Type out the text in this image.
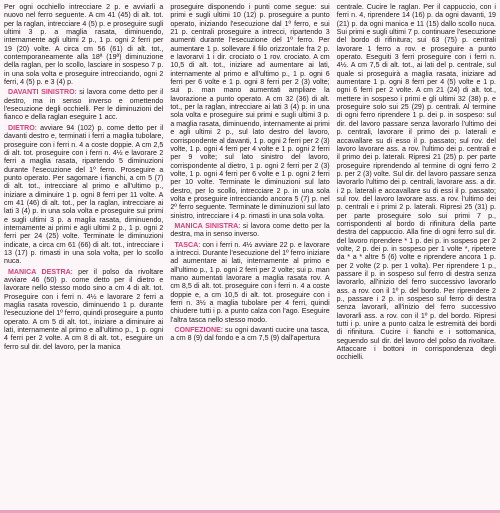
Per ogni occhiello intrecciare 2 p. e avviarli a nuovo nel ferro seguente. A cm 41 (45) di alt. tot. per la raglan, intrecciare 4 (5) p. e proseguire sugli ultimi 3 p. a maglia rasata, diminuendo, internamente agli ultimi 2 p., 1 p. ogni 2 ferri per 19 (20) volte. A circa cm 56 (61) di alt. tot., contemporaneamente alla 18ª (19ª) diminuzione della raglan, per lo scollo, lasciare in sospeso 7 p. in una sola volta e proseguire intrecciando, ogni 2 ferri, 4 (5) p. e 3 (4) p.

DAVANTI SINISTRO: si lavora come detto per il destro, ma in senso inverso e omettendo l'esecuzione degli occhielli. Per le diminuzioni del fianco e della raglan eseguire 1 acc.

DIETRO: avviare 94 (102) p. come detto per il davanti destro e, terminati i ferri a maglia tubolare, proseguire con i ferri n. 4 a coste doppie. A cm 2,5 di alt. tot. proseguire con i ferri n. 4½ e lavorare 2 ferri a maglia rasata, ripartendo 5 diminuzioni durante l'esecuzione del 1º ferro. Proseguire a punto operato. Per sagomare i fianchi, a cm 5 (7) di alt. tot., intrecciare al primo e all'ultimo p., iniziare a diminuire 1 p. ogni 8 ferri per 11 volte. A cm 41 (46) di alt. tot., per la raglan, intrecciare ai lati 3 (4) p. in una sola volta e proseguire sui primi e sugli ultimi 3 p. a maglia rasata, diminuendo, internamente ai primi e agli ultimi 2 p., 1 p. ogni 2 ferri per 24 (25) volte. Terminate le diminuzioni indicate, a circa cm 61 (66) di alt. tot., intrecciare i 13 (17) p. rimasti in una sola volta, per lo scollo nuca.

MANICA DESTRA: per il polso da rivoltare avviare 46 (50) p. come detto per il dietro e lavorare nello stesso modo sino a cm 4 di alt. tot. Proseguire con i ferri n. 4½ e lavorare 2 ferri a maglia rasata rovescio, diminuendo 1 p. durante l'esecuzione del 1º ferro, quindi proseguire a punto operato. A cm 5 di alt. tot., iniziare a diminuire ai lati, internamente al primo e all'ultimo p., 1 p. ogni 4 ferri per 2 volte. A cm 8 di alt. tot., eseguire un ferro sul dir. del lavoro, per la manica

proseguire disponendo i punti come segue: sui primi e sugli ultimi 10 (12) p. proseguire a punto operato, iniziando l'esecuzione dal 1º ferro, e sui 21 p. centrali proseguire a intrecci, ripartendo 3 aumenti durante l'esecuzione del 1º ferro. Per aumentare 1 p. sollevare il filo orizzontale fra 2 p. e lavorarvi 1 i dir. crociato o 1 rov. crociato. A cm 10,5 di alt. tot., iniziare ad aumentare ai lati, internamente al primo e all'ultimo p., 1 p. ogni 6 ferri per 6 volte e 1 p. ogni 8 ferri per 2 (3) volte; sui p. man mano aumentati ampliare la lavorazione a punto operato. A cm 32 (36) di alt. tot., per la raglan, intrecciare ai lati 3 (4) p. in una sola volta e proseguire sui primi e sugli ultimi 3 p. a maglia rasata, diminuendo, internamente ai primi e agli ultimi 2 p., sul lato destro del lavoro, corrispondente al davanti, 1 p. ogni 2 ferri per 2 (3) volte, 1 p. ogni 4 ferri per 4 volte e 1 p. ogni 2 ferri per 9 volte; sul lato sinistro del lavoro, corrispondente al dietro, 1 p. ogni 2 ferri per 2 (3) volte, 1 p. ogni 4 ferri per 6 volte e 1 p. ogni 2 ferri per 10 volte. Terminate le diminuzioni sul lato destro, per lo scollo, intrecciare 2 p. in una sola volta e proseguire intrecciando ancora 5 (7) p. nel 2º ferro seguente. Terminate le diminuzioni sul lato sinistro, intrecciare i 4 p. rimasti in una sola volta.

MANICA SINISTRA: si lavora come detto per la destra, ma in senso inverso.

TASCA: con i ferri n. 4½ avviare 22 p. e lavorare a intrecci. Durante l'esecuzione del 1º ferro iniziare ad aumentare ai lati, internamente al primo e all'ultimo p., 1 p. ogni 2 ferri per 2 volte; sui p. man mano aumentati lavorare a maglia rasata rov. A cm 8,5 di alt. tot. proseguire con i ferri n. 4 a coste doppie e, a cm 10,5 di alt. tot. proseguire con i ferri n. 3½ a maglia tubolare per 4 ferri, quindi chiudere tutti i p. a punto calza con l'ago. Eseguire l'altra tasca nello stesso modo.

CONFEZIONE: su ogni davanti cucire una tasca, a cm 8 (9) dal fondo e a cm 7,5 (9) dall'apertura

centrale. Cucire le raglan. Per il cappuccio, con i ferri n. 4, riprendere 14 (16) p. da ogni davanti, 19 (21) p. da ogni manica e 11 (15) dallo scollo nuca. Sui primi e sugli ultimi 7 p. continuare l'esecuzione del bordo di rifinitura; sui 63 (75) p. centrali lavorare 1 ferro a rov. e proseguire a punto operato. Eseguiti 3 ferri proseguire con i ferri n. 4½. A cm 7,5 di alt. tot., ai lati del p. centrale, sul quale si proseguirà a maglia rasata, iniziare ad aumentare 1 p. ogni 8 ferri per 4 (5) volte e 1 p. ogni 6 ferri per 2 volte. A cm 21 (24) di alt. tot., mettere in sospeso i primi e gli ultimi 32 (38) p. e proseguire solo sui 25 (29) p. centrali. Al termine di ogni ferro riprendere 1 p. dei p. in sospeso: sul dir. del lavoro passare senza lavorarlo l'ultimo dei p. centrali, lavorare il primo dei p. laterali e accavallare su di esso il p. passato; sul rov. del lavoro lavorare ass. a rov. l'ultimo dei p. centrali e il primo dei p. laterali. Ripresi 21 (25) p. per parte proseguire riprendendo al termine di ogni ferro 2 p. per 2 (3) volte. Sul dir. del lavoro passare senza lavorarlo l'ultimo dei p. centrali, lavorare ass. a dir. i 2 p. laterali e accavallare su di essi il p. passato; sul rov. del lavoro lavorare ass. a rov. l'ultimo dei p. centrali e i primi 2 p. laterali. Ripresi 25 (31) p. per parte proseguire solo sui primi 7 p., corrispondenti al bordo di rifinitura della parte destra del cappuccio. Alla fine di ogni ferro sul dir. del lavoro riprendere * 1 p. dei p. in sospeso per 2 volte, 2 p. dei p. in sospeso per 1 volte *, ripetere da * a * altre 5 (6) volte e riprendere ancora 1 p. per 2 volte (2 p. per 1 volta). Per riprendere 1 p., passare il p. in sospeso sul ferro di destra senza lavorarlo, all'inizio del ferro successivo lavorarlo ass. a rov. con il 1º p. del bordo. Per riprendere 2 p., passare i 2 p. in sospeso sul ferro di destra senza lavorarli, all'inizio del ferro successivo lavorarli ass. a rov. con il 1º p. del bordo. Ripresi tutti i p. unire a punto calza le estremità dei bordi di rifinitura. Cucire i fianchi e i sottomanica, seguendo sul dir. del lavoro del polso da rivoltare. Attaccare i bottoni in corrispondenza degli occhielli.
